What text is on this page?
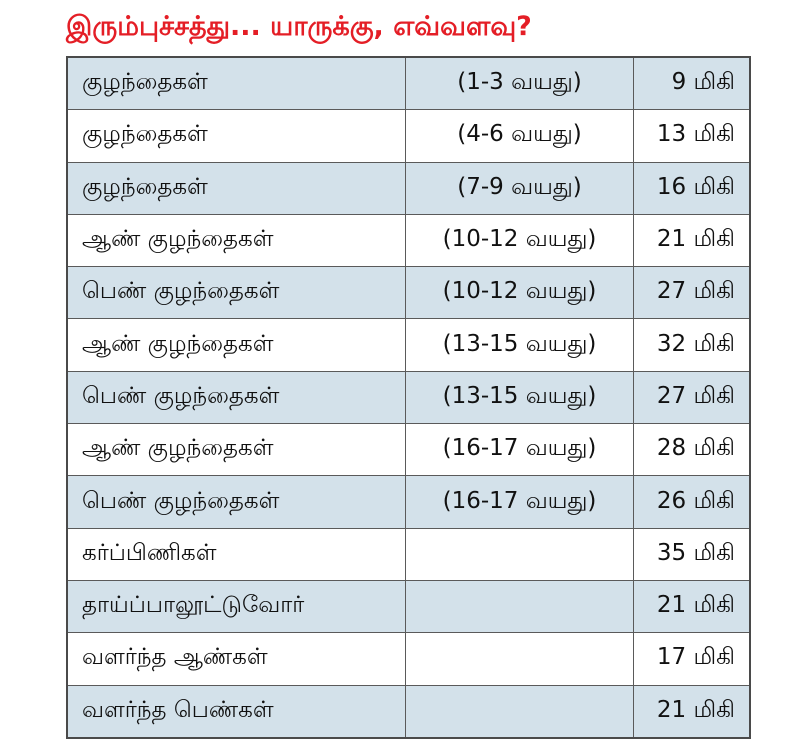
இரும்புச்சத்து... யாருக்கு, எவ்வளவு?
குழந்தைகள்	(1-3 வயது)	9 மிகி
குழந்தைகள்	(4-6 வயது)	13 மிகி
குழந்தைகள்	(7-9 வயது)	16 மிகி
ஆண் குழந்தைகள்	(10-12 வயது)	21 மிகி
பெண் குழந்தைகள்	(10-12 வயது)	27 மிகி
ஆண் குழந்தைகள்	(13-15 வயது)	32 மிகி
பெண் குழந்தைகள்	(13-15 வயது)	27 மிகி
ஆண் குழந்தைகள்	(16-17 வயது)	28 மிகி
பெண் குழந்தைகள்	(16-17 வயது)	26 மிகி
கர்ப்பிணிகள்		35 மிகி
தாய்ப்பாலூட்டுவோர்		21 மிகி
வளர்ந்த ஆண்கள்		17 மிகி
வளர்ந்த பெண்கள்		21 மிகி
